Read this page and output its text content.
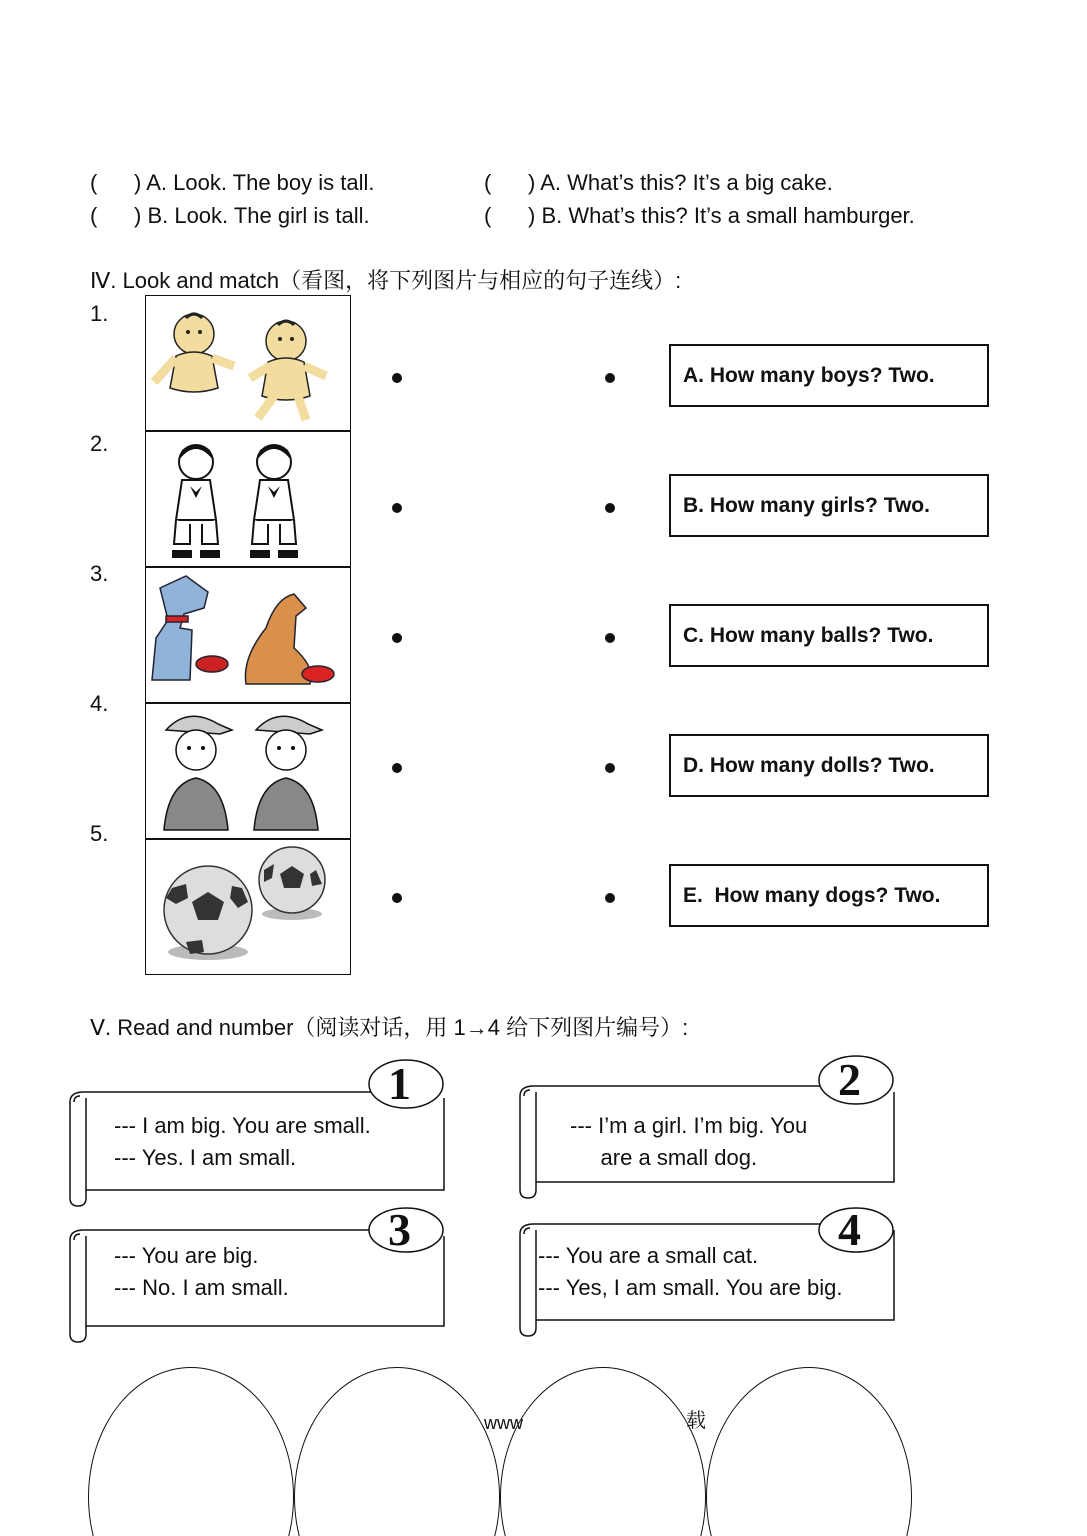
(      ) A. Look. The boy is tall.
(      ) B. Look. The girl is tall.
(      ) A. What’s this? It’s a big cake.
(      ) B. What’s this? It’s a small hamburger.
Ⅳ. Look and match（看图，将下列图片与相应的句子连线）:
1.
2.
3.
4.
5.
A. How many boys? Two.
B. How many girls? Two.
C. How many balls? Two.
D. How many dolls? Two.
E.  How many dogs? Two.
Ⅴ. Read and number（阅读对话，用 1→4 给下列图片编号）:
1
--- I am big. You are small.
--- Yes. I am small.
2
--- I’m a girl. I’m big. You
are a small dog.
3
--- You are big.
--- No. I am small.
4
--- You are a small cat.
--- Yes, I am small. You are big.
www	载
